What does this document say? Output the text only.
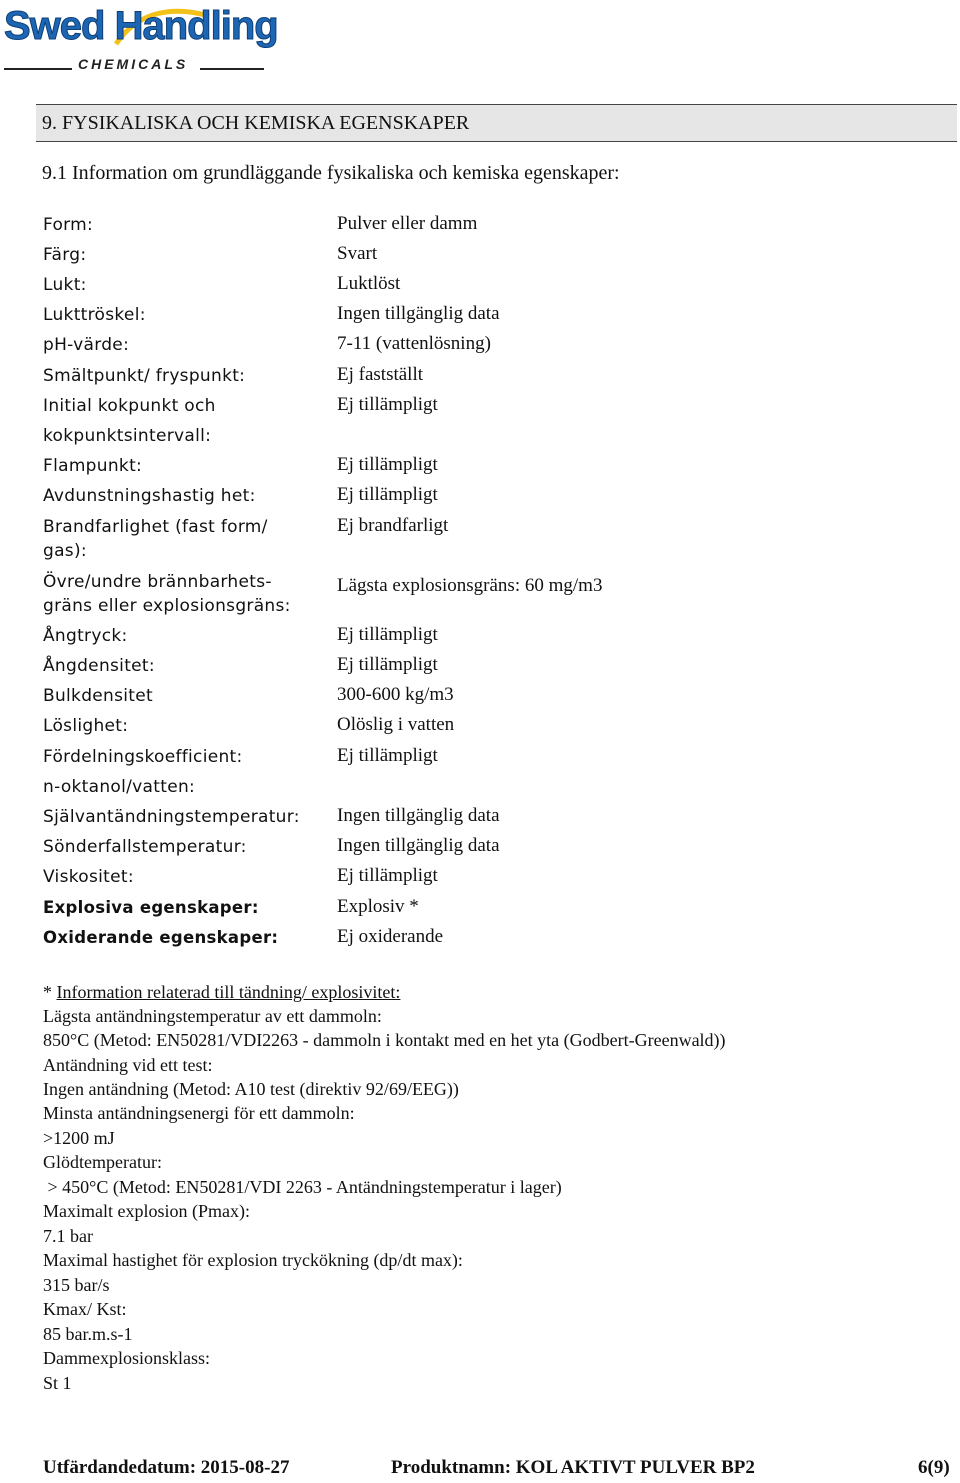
Swed Handling
CHEMICALS
9. FYSIKALISKA OCH KEMISKA EGENSKAPER
9.1 Information om grundläggande fysikaliska och kemiska egenskaper:
Form:	Pulver eller damm
Färg:	Svart
Lukt:	Luktlöst
Lukttröskel:	Ingen tillgänglig data
pH-värde:	7-11 (vattenlösning)
Smältpunkt/ fryspunkt:	Ej fastställt
Initial kokpunkt och
kokpunktsintervall:
Ej tillämpligt
Flampunkt:	Ej tillämpligt
Avdunstningshastig het:	Ej tillämpligt
Brandfarlighet (fast form/
gas):
Ej brandfarligt
Övre/undre brännbarhets-
gräns eller explosionsgräns:
Lägsta explosionsgräns: 60 mg/m3
Ångtryck:	Ej tillämpligt
Ångdensitet:	Ej tillämpligt
Bulkdensitet	300-600 kg/m3
Löslighet:	Olöslig i vatten
Fördelningskoefficient:
n-oktanol/vatten:
Ej tillämpligt
Självantändningstemperatur: Ingen tillgänglig data
Sönderfallstemperatur:	Ingen tillgänglig data
Viskositet:	Ej tillämpligt
Explosiva egenskaper:	Explosiv *
Oxiderande egenskaper:	Ej oxiderande
* Information relaterad till tändning/ explosivitet:
Lägsta antändningstemperatur av ett dammoln:
850°C (Metod: EN50281/VDI2263 - dammoln i kontakt med en het yta (Godbert-Greenwald))
Antändning vid ett test:
Ingen antändning (Metod: A10 test (direktiv 92/69/EEG))
Minsta antändningsenergi för ett dammoln:
>1200 mJ
Glödtemperatur:
> 450°C (Metod: EN50281/VDI 2263 - Antändningstemperatur i lager)
Maximalt explosion (Pmax):
7.1 bar
Maximal hastighet för explosion tryckökning (dp/dt max):
315 bar/s
Kmax/ Kst:
85 bar.m.s-1
Dammexplosionsklass:
St 1
Utfärdandedatum: 2015-08-27	Produktnamn: KOL AKTIVT PULVER BP2	6(9)
